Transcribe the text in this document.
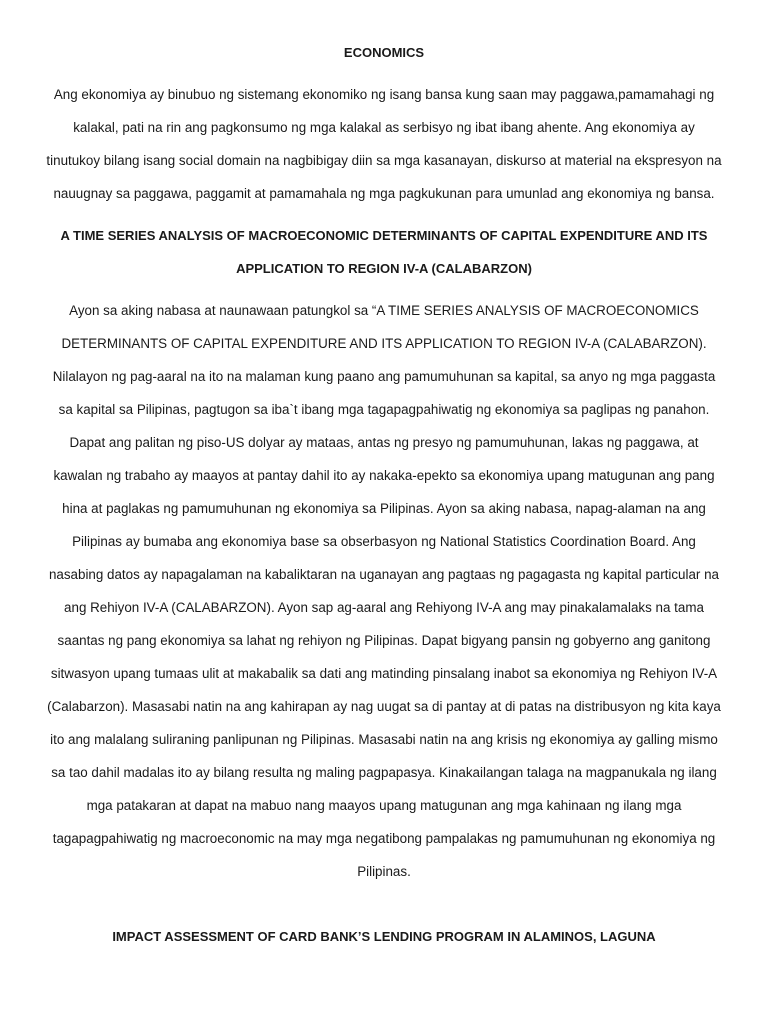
ECONOMICS

Ang ekonomiya ay binubuo ng sistemang ekonomiko ng isang bansa kung saan may paggawa,pamamahagi ng
kalakal, pati na rin ang pagkonsumo ng mga kalakal as serbisyo ng ibat ibang ahente. Ang ekonomiya ay
tinutukoy bilang isang social domain na nagbibigay diin sa mga kasanayan, diskurso at material na ekspresyon na
nauugnay sa paggawa, paggamit at pamamahala ng mga pagkukunan para umunlad ang ekonomiya ng bansa.

A TIME SERIES ANALYSIS OF MACROECONOMIC DETERMINANTS OF CAPITAL EXPENDITURE AND ITS
APPLICATION TO REGION IV-A (CALABARZON)

Ayon sa aking nabasa at naunawaan patungkol sa “A TIME SERIES ANALYSIS OF MACROECONOMICS
DETERMINANTS OF CAPITAL EXPENDITURE AND ITS APPLICATION TO REGION IV-A (CALABARZON).
Nilalayon ng pag-aaral na ito na malaman kung paano ang pamumuhunan sa kapital, sa anyo ng mga paggasta
sa kapital sa Pilipinas, pagtugon sa iba`t ibang mga tagapagpahiwatig ng ekonomiya sa paglipas ng panahon.
Dapat ang palitan ng piso-US dolyar ay mataas, antas ng presyo ng pamumuhunan, lakas ng paggawa, at
kawalan ng trabaho ay maayos at pantay dahil ito ay nakaka-epekto sa ekonomiya upang matugunan ang pang
hina at paglakas ng pamumuhunan ng ekonomiya sa Pilipinas. Ayon sa aking nabasa, napag-alaman na ang
Pilipinas ay bumaba ang ekonomiya base sa obserbasyon ng National Statistics Coordination Board. Ang
nasabing datos ay napagalaman na kabaliktaran na uganayan ang pagtaas ng pagagasta ng kapital particular na
ang Rehiyon IV-A (CALABARZON). Ayon sap ag-aaral ang Rehiyong IV-A ang may pinakalamalaks na tama
saantas ng pang ekonomiya sa lahat ng rehiyon ng Pilipinas. Dapat bigyang pansin ng gobyerno ang ganitong
sitwasyon upang tumaas ulit at makabalik sa dati ang matinding pinsalang inabot sa ekonomiya ng Rehiyon IV-A
(Calabarzon). Masasabi natin na ang kahirapan ay nag uugat sa di pantay at di patas na distribusyon ng kita kaya
ito ang malalang suliraning panlipunan ng Pilipinas. Masasabi natin na ang krisis ng ekonomiya ay galling mismo
sa tao dahil madalas ito ay bilang resulta ng maling pagpapasya. Kinakailangan talaga na magpanukala ng ilang
mga patakaran at dapat na mabuo nang maayos upang matugunan ang mga kahinaan ng ilang mga
tagapagpahiwatig ng macroeconomic na may mga negatibong pampalakas ng pamumuhunan ng ekonomiya ng
Pilipinas.

IMPACT ASSESSMENT OF CARD BANK’S LENDING PROGRAM IN ALAMINOS, LAGUNA
